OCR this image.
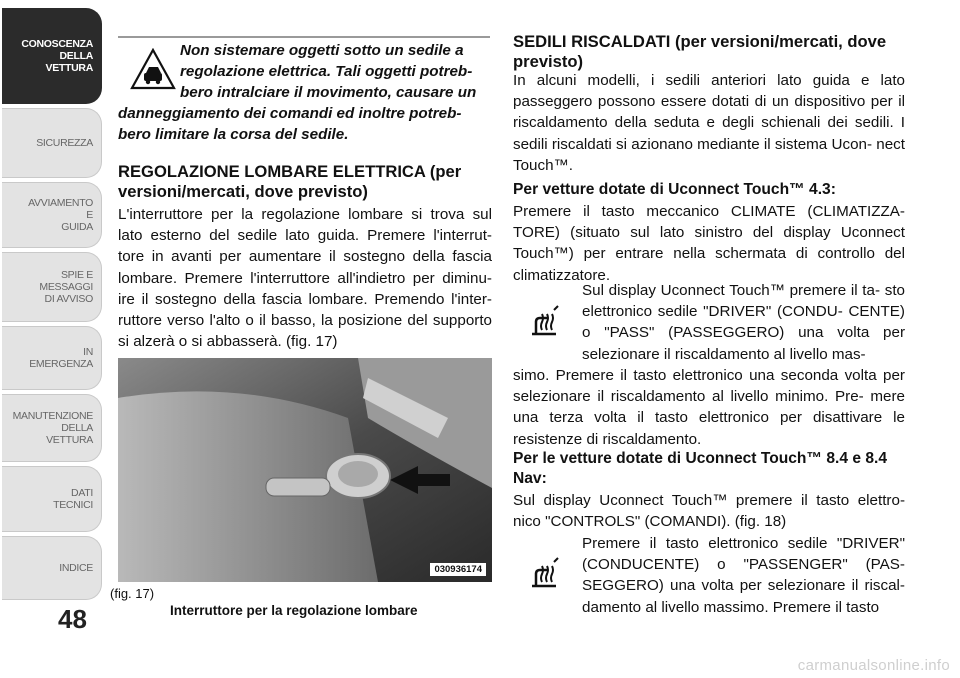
CONOSCENZA
DELLA
VETTURA
SICUREZZA
AVVIAMENTO
E
GUIDA
SPIE E
MESSAGGI
DI AVVISO
IN
EMERGENZA
MANUTENZIONE
DELLA
VETTURA
DATI
TECNICI
INDICE
48
Non sistemare oggetti sotto un sedile a regolazione elettrica. Tali oggetti potreb- bero intralciare il movimento, causare un
danneggiamento dei comandi ed inoltre potreb- bero limitare la corsa del sedile.
REGOLAZIONE LOMBARE ELETTRICA (per versioni/mercati, dove previsto)
L'interruttore per la regolazione lombare si trova sul lato esterno del sedile lato guida. Premere l'interrut- tore in avanti per aumentare il sostegno della fascia lombare. Premere l'interruttore all'indietro per diminu- ire il sostegno della fascia lombare. Premendo l'inter- ruttore verso l'alto o il basso, la posizione del supporto si alzerà o si abbasserà. (fig. 17)
030936174
(fig. 17)
Interruttore per la regolazione lombare
SEDILI RISCALDATI (per versioni/mercati, dove previsto)
In alcuni modelli, i sedili anteriori lato guida e lato passeggero possono essere dotati di un dispositivo per il riscaldamento della seduta e degli schienali dei sedili. I sedili riscaldati si azionano mediante il sistema Ucon- nect Touch™.
Per vetture dotate di Uconnect Touch™ 4.3:
Premere il tasto meccanico CLIMATE (CLIMATIZZA- TORE) (situato sul lato sinistro del display Uconnect Touch™) per entrare nella schermata di controllo del climatizzatore.
Sul display Uconnect Touch™ premere il ta- sto elettronico sedile "DRIVER" (CONDU- CENTE) o "PASS" (PASSEGGERO) una volta per selezionare il riscaldamento al livello mas-
simo. Premere il tasto elettronico una seconda volta per selezionare il riscaldamento al livello minimo. Pre- mere una terza volta il tasto elettronico per disattivare le resistenze di riscaldamento.
Per le vetture dotate di Uconnect Touch™ 8.4 e 8.4 Nav:
Sul display Uconnect Touch™ premere il tasto elettro- nico "CONTROLS" (COMANDI). (fig. 18)
Premere il tasto elettronico sedile "DRIVER" (CONDUCENTE) o "PASSENGER" (PAS- SEGGERO) una volta per selezionare il riscal- damento al livello massimo. Premere il tasto
carmanualsonline.info
